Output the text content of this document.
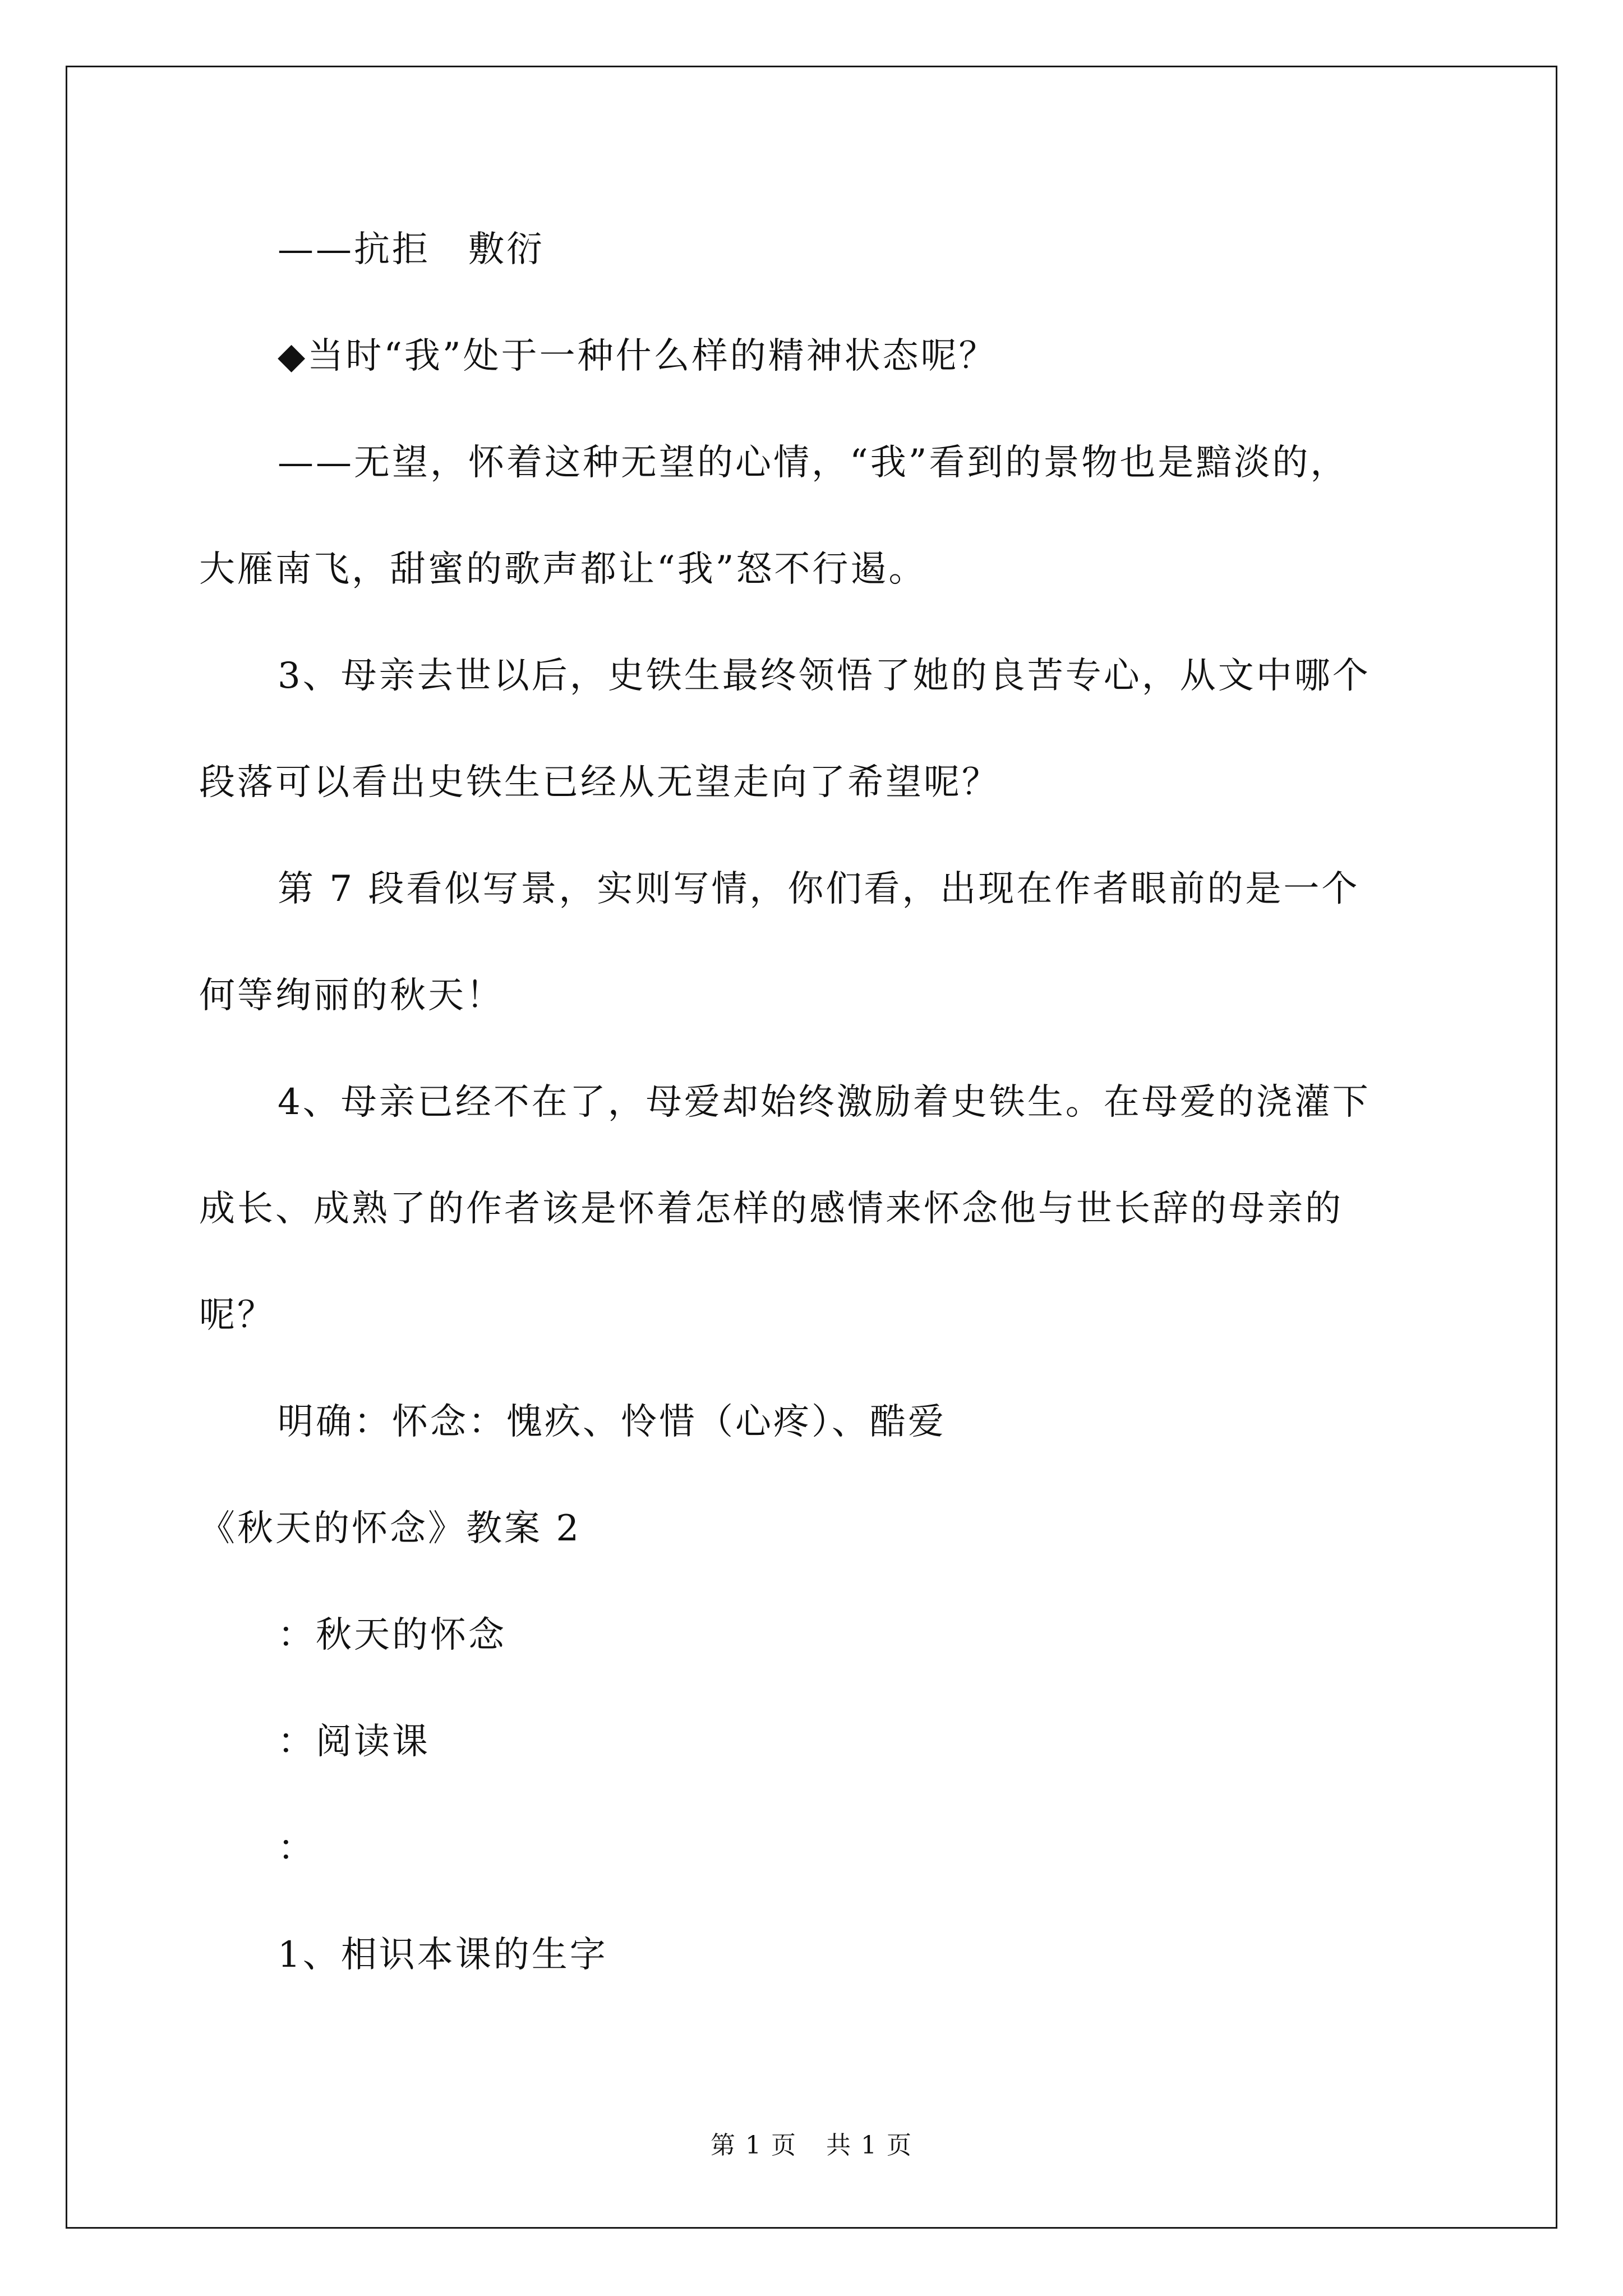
——抗拒　敷衍
◆当时“我”处于一种什么样的精神状态呢？
——无望，怀着这种无望的心情，“我”看到的景物也是黯淡的，
大雁南飞，甜蜜的歌声都让“我”怒不行遏。
3、母亲去世以后，史铁生最终领悟了她的良苦专心，从文中哪个
段落可以看出史铁生已经从无望走向了希望呢？
第 7 段看似写景，实则写情，你们看，出现在作者眼前的是一个
何等绚丽的秋天！
4、母亲已经不在了，母爱却始终激励着史铁生。在母爱的浇灌下
成长、成熟了的作者该是怀着怎样的感情来怀念他与世长辞的母亲的
呢？
明确：怀念：愧疚、怜惜（心疼）、酷爱
《秋天的怀念》教案 2
：秋天的怀念
：阅读课
：
1、相识本课的生字
第 1 页 共 1 页
